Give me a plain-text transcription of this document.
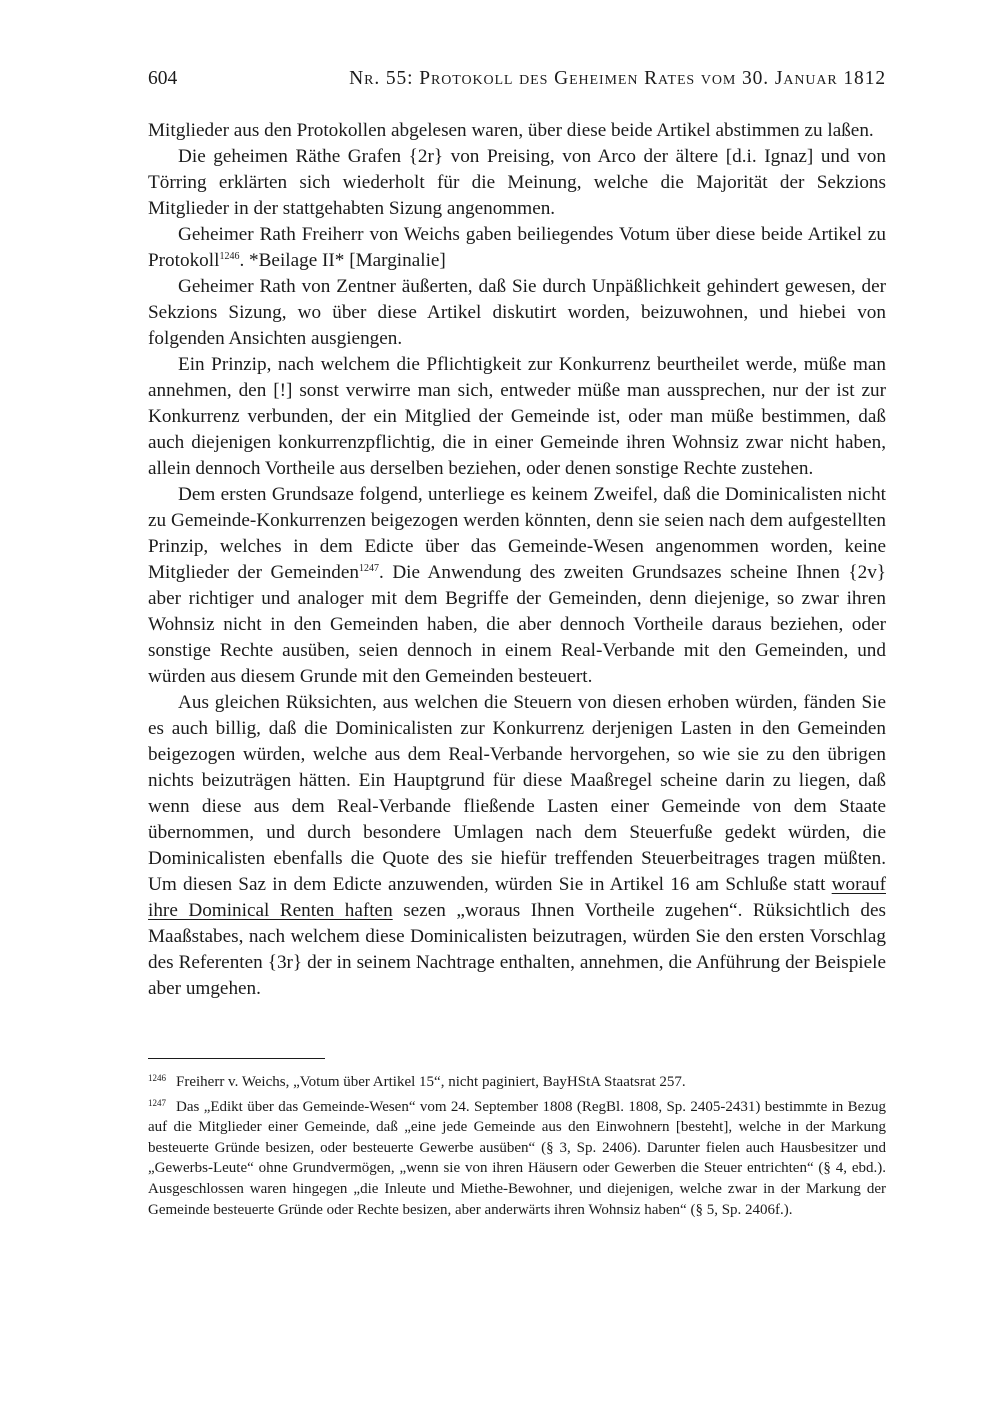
604	Nr. 55: Protokoll des Geheimen Rates vom 30. Januar 1812

Mitglieder aus den Protokollen abgelesen waren, über diese beide Artikel abstimmen zu laßen.

Die geheimen Räthe Grafen {2r} von Preising, von Arco der ältere [d.i. Ignaz] und von Törring erklärten sich wiederholt für die Meinung, welche die Majorität der Sekzions Mitglieder in der stattgehabten Sizung angenommen.

Geheimer Rath Freiherr von Weichs gaben beiliegendes Votum über diese beide Artikel zu Protokoll$^{1246}$. *Beilage II* [Marginalie]

Geheimer Rath von Zentner äußerten, daß Sie durch Unpäßlichkeit gehindert gewesen, der Sekzions Sizung, wo über diese Artikel diskutirt worden, beizuwohnen, und hiebei von folgenden Ansichten ausgiengen.

Ein Prinzip, nach welchem die Pflichtigkeit zur Konkurrenz beurtheilet werde, müße man annehmen, den [!] sonst verwirre man sich, entweder müße man aussprechen, nur der ist zur Konkurrenz verbunden, der ein Mitglied der Gemeinde ist, oder man müße bestimmen, daß auch diejenigen konkurrenzpflichtig, die in einer Gemeinde ihren Wohnsiz zwar nicht haben, allein dennoch Vortheile aus derselben beziehen, oder denen sonstige Rechte zustehen.

Dem ersten Grundsaze folgend, unterliege es keinem Zweifel, daß die Dominicalisten nicht zu Gemeinde-Konkurrenzen beigezogen werden könnten, denn sie seien nach dem aufgestellten Prinzip, welches in dem Edicte über das Gemeinde-Wesen angenommen worden, keine Mitglieder der Gemeinden$^{1247}$. Die Anwendung des zweiten Grundsazes scheine Ihnen {2v} aber richtiger und analoger mit dem Begriffe der Gemeinden, denn diejenige, so zwar ihren Wohnsiz nicht in den Gemeinden haben, die aber dennoch Vortheile daraus beziehen, oder sonstige Rechte ausüben, seien dennoch in einem Real-Verbande mit den Gemeinden, und würden aus diesem Grunde mit den Gemeinden besteuert.

Aus gleichen Rüksichten, aus welchen die Steuern von diesen erhoben würden, fänden Sie es auch billig, daß die Dominicalisten zur Konkurrenz derjenigen Lasten in den Gemeinden beigezogen würden, welche aus dem Real-Verbande hervorgehen, so wie sie zu den übrigen nichts beizuträgen hätten. Ein Hauptgrund für diese Maaßregel scheine darin zu liegen, daß wenn diese aus dem Real-Verbande fließende Lasten einer Gemeinde von dem Staate übernommen, und durch besondere Umlagen nach dem Steuerfuße gedekt würden, die Dominicalisten ebenfalls die Quote des sie hiefür treffenden Steuerbeitrages tragen müßten. Um diesen Saz in dem Edicte anzuwenden, würden Sie in Artikel 16 am Schluße statt worauf ihre Dominical Renten haften sezen „woraus Ihnen Vortheile zugehen“. Rüksichtlich des Maaßstabes, nach welchem diese Dominicalisten beizutragen, würden Sie den ersten Vorschlag des Referenten {3r} der in seinem Nachtrage enthalten, annehmen, die Anführung der Beispiele aber umgehen.

$^{1246}$ Freiherr v. Weichs, „Votum über Artikel 15“, nicht paginiert, BayHStA Staatsrat 257.

$^{1247}$ Das „Edikt über das Gemeinde-Wesen“ vom 24. September 1808 (RegBl. 1808, Sp. 2405-2431) bestimmte in Bezug auf die Mitglieder einer Gemeinde, daß „eine jede Gemeinde aus den Einwohnern [besteht], welche in der Markung besteuerte Gründe besizen, oder besteuerte Gewerbe ausüben“ (§ 3, Sp. 2406). Darunter fielen auch Hausbesitzer und „Gewerbs-Leute“ ohne Grundvermögen, „wenn sie von ihren Häusern oder Gewerben die Steuer entrichten“ (§ 4, ebd.). Ausgeschlossen waren hingegen „die Inleute und Miethe-Bewohner, und diejenigen, welche zwar in der Markung der Gemeinde besteuerte Gründe oder Rechte besizen, aber anderwärts ihren Wohnsiz haben“ (§ 5, Sp. 2406f.).
